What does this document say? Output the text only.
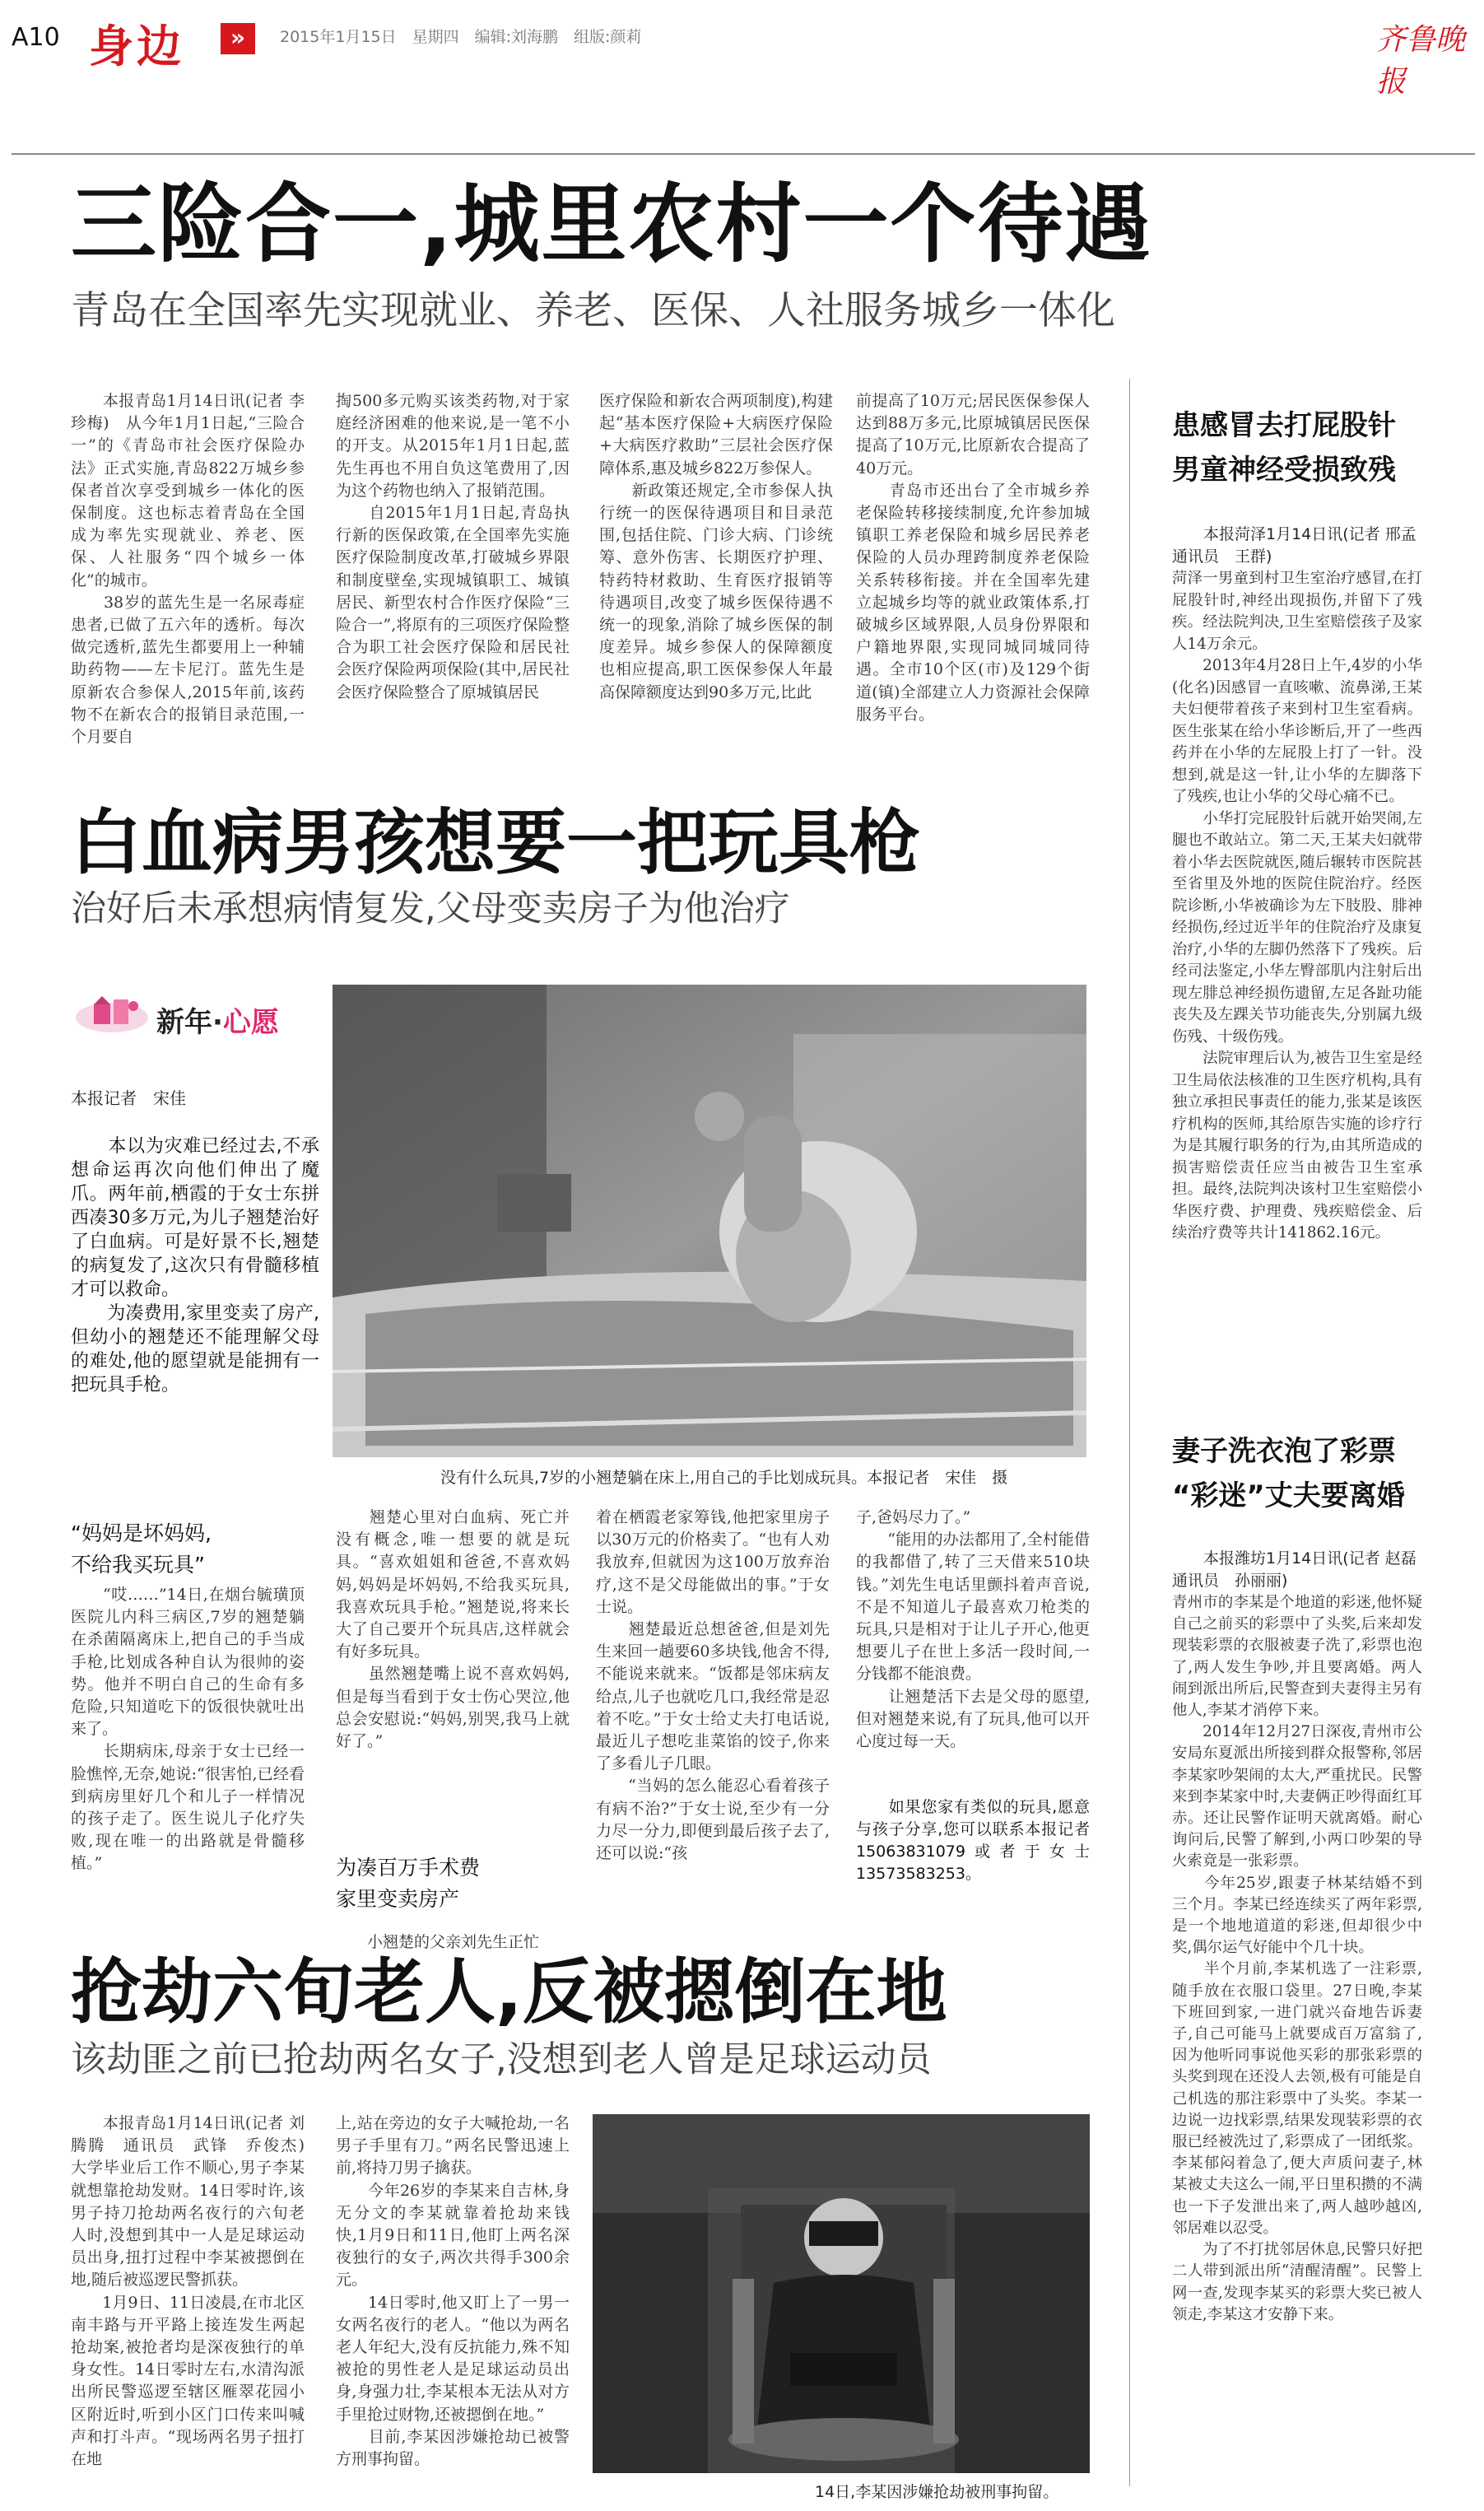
A10 身边	»	2015年1月15日　星期四　编辑:刘海鹏　组版:颜莉	齐鲁晚报
三险合一,城里农村一个待遇
青岛在全国率先实现就业、养老、医保、人社服务城乡一体化
　　本报青岛1月14日讯(记者 李珍梅)　从今年1月1日起,“三险合一”的《青岛市社会医疗保险办法》正式实施,青岛822万城乡参保者首次享受到城乡一体化的医保制度。这也标志着青岛在全国成为率先实现就业、养老、医保、人社服务“四个城乡一体化”的城市。
　　38岁的蓝先生是一名尿毒症患者,已做了五六年的透析。每次做完透析,蓝先生都要用上一种辅助药物——左卡尼汀。蓝先生是原新农合参保人,2015年前,该药物不在新农合的报销目录范围,一个月要自
掏500多元购买该类药物,对于家庭经济困难的他来说,是一笔不小的开支。从2015年1月1日起,蓝先生再也不用自负这笔费用了,因为这个药物也纳入了报销范围。
　　自2015年1月1日起,青岛执行新的医保政策,在全国率先实施医疗保险制度改革,打破城乡界限和制度壁垒,实现城镇职工、城镇居民、新型农村合作医疗保险“三险合一”,将原有的三项医疗保险整合为职工社会医疗保险和居民社会医疗保险两项保险(其中,居民社会医疗保险整合了原城镇居民
医疗保险和新农合两项制度),构建起“基本医疗保险+大病医疗保险+大病医疗救助”三层社会医疗保障体系,惠及城乡822万参保人。
　　新政策还规定,全市参保人执行统一的医保待遇项目和目录范围,包括住院、门诊大病、门诊统筹、意外伤害、长期医疗护理、特药特材救助、生育医疗报销等待遇项目,改变了城乡医保待遇不统一的现象,消除了城乡医保的制度差异。城乡参保人的保障额度也相应提高,职工医保参保人年最高保障额度达到90多万元,比此
前提高了10万元;居民医保参保人达到88万多元,比原城镇居民医保提高了10万元,比原新农合提高了40万元。
　　青岛市还出台了全市城乡养老保险转移接续制度,允许参加城镇职工养老保险和城乡居民养老保险的人员办理跨制度养老保险关系转移衔接。并在全国率先建立起城乡均等的就业政策体系,打破城乡区域界限,人员身份界限和户籍地界限,实现同城同城同待遇。全市10个区(市)及129个街道(镇)全部建立人力资源社会保障服务平台。
患感冒去打屁股针
男童神经受损致残
　　本报菏泽1月14日讯(记者 邢孟　通讯员　王群)
菏泽一男童到村卫生室治疗感冒,在打屁股针时,神经出现损伤,并留下了残疾。经法院判决,卫生室赔偿孩子及家人14万余元。
　　2013年4月28日上午,4岁的小华(化名)因感冒一直咳嗽、流鼻涕,王某夫妇便带着孩子来到村卫生室看病。医生张某在给小华诊断后,开了一些西药并在小华的左屁股上打了一针。没想到,就是这一针,让小华的左脚落下了残疾,也让小华的父母心痛不已。
　　小华打完屁股针后就开始哭闹,左腿也不敢站立。第二天,王某夫妇就带着小华去医院就医,随后辗转市医院甚至省里及外地的医院住院治疗。经医院诊断,小华被确诊为左下肢股、腓神经损伤,经过近半年的住院治疗及康复治疗,小华的左脚仍然落下了残疾。后经司法鉴定,小华左臀部肌内注射后出现左腓总神经损伤遗留,左足各趾功能丧失及左踝关节功能丧失,分别属九级伤残、十级伤残。
　　法院审理后认为,被告卫生室是经卫生局依法核准的卫生医疗机构,具有独立承担民事责任的能力,张某是该医疗机构的医师,其给原告实施的诊疗行为是其履行职务的行为,由其所造成的损害赔偿责任应当由被告卫生室承担。最终,法院判决该村卫生室赔偿小华医疗费、护理费、残疾赔偿金、后续治疗费等共计141862.16元。
白血病男孩想要一把玩具枪
治好后未承想病情复发,父母变卖房子为他治疗
新年·心愿
本报记者　宋佳
　　本以为灾难已经过去,不承想命运再次向他们伸出了魔爪。两年前,栖霞的于女士东拼西凑30多万元,为儿子翘楚治好了白血病。可是好景不长,翘楚的病复发了,这次只有骨髓移植才可以救命。
　　为凑费用,家里变卖了房产,但幼小的翘楚还不能理解父母的难处,他的愿望就是能拥有一把玩具手枪。
没有什么玩具,7岁的小翘楚躺在床上,用自己的手比划成玩具。本报记者　宋佳　摄
“妈妈是坏妈妈,
不给我买玩具”
　　“哎……”14日,在烟台毓璜顶医院儿内科三病区,7岁的翘楚躺在杀菌隔离床上,把自己的手当成手枪,比划成各种自认为很帅的姿势。他并不明白自己的生命有多危险,只知道吃下的饭很快就吐出来了。
　　长期病床,母亲于女士已经一脸憔悴,无奈,她说:“很害怕,已经看到病房里好几个和儿子一样情况的孩子走了。医生说儿子化疗失败,现在唯一的出路就是骨髓移植。”
　　翘楚心里对白血病、死亡并没有概念,唯一想要的就是玩具。“喜欢姐姐和爸爸,不喜欢妈妈,妈妈是坏妈妈,不给我买玩具,我喜欢玩具手枪。”翘楚说,将来长大了自己要开个玩具店,这样就会有好多玩具。
　　虽然翘楚嘴上说不喜欢妈妈,但是每当看到于女士伤心哭泣,他总会安慰说:“妈妈,别哭,我马上就好了。”
为凑百万手术费
家里变卖房产
　　小翘楚的父亲刘先生正忙
着在栖霞老家筹钱,他把家里房子以30万元的价格卖了。“也有人劝我放弃,但就因为这100万放弃治疗,这不是父母能做出的事。”于女士说。
　　翘楚最近总想爸爸,但是刘先生来回一趟要60多块钱,他舍不得,不能说来就来。“饭都是邻床病友给点,儿子也就吃几口,我经常是忍着不吃。”于女士给丈夫打电话说,最近儿子想吃韭菜馅的饺子,你来了多看儿子几眼。
　　“当妈的怎么能忍心看着孩子有病不治?”于女士说,至少有一分力尽一分力,即便到最后孩子去了,还可以说:“孩
子,爸妈尽力了。”
　　“能用的办法都用了,全村能借的我都借了,转了三天借来510块钱。”刘先生电话里颤抖着声音说,不是不知道儿子最喜欢刀枪类的玩具,只是相对于让儿子开心,他更想要儿子在世上多活一段时间,一分钱都不能浪费。
　　让翘楚活下去是父母的愿望,但对翘楚来说,有了玩具,他可以开心度过每一天。
　　如果您家有类似的玩具,愿意与孩子分享,您可以联系本报记者15063831079或者于女士13573583253。
妻子洗衣泡了彩票
“彩迷”丈夫要离婚
　　本报潍坊1月14日讯(记者 赵磊　通讯员　孙丽丽)
青州市的李某是个地道的彩迷,他怀疑自己之前买的彩票中了头奖,后来却发现装彩票的衣服被妻子洗了,彩票也泡了,两人发生争吵,并且要离婚。两人闹到派出所后,民警查到夫妻得主另有他人,李某才消停下来。
　　2014年12月27日深夜,青州市公安局东夏派出所接到群众报警称,邻居李某家吵架闹的太大,严重扰民。民警来到李某家中时,夫妻俩正吵得面红耳赤。还让民警作证明天就离婚。耐心询问后,民警了解到,小两口吵架的导火索竟是一张彩票。
　　今年25岁,跟妻子林某结婚不到三个月。李某已经连续买了两年彩票,是一个地地道道的彩迷,但却很少中奖,偶尔运气好能中个几十块。
　　半个月前,李某机选了一注彩票,随手放在衣服口袋里。27日晚,李某下班回到家,一进门就兴奋地告诉妻子,自己可能马上就要成百万富翁了,因为他听同事说他买彩的那张彩票的头奖到现在还没人去领,极有可能是自己机选的那注彩票中了头奖。李某一边说一边找彩票,结果发现装彩票的衣服已经被洗过了,彩票成了一团纸浆。李某郁闷着急了,便大声质问妻子,林某被丈夫这么一闹,平日里积攒的不满也一下子发泄出来了,两人越吵越凶,邻居难以忍受。
　　为了不打扰邻居休息,民警只好把二人带到派出所“清醒清醒”。民警上网一查,发现李某买的彩票大奖已被人领走,李某这才安静下来。
抢劫六旬老人,反被摁倒在地
该劫匪之前已抢劫两名女子,没想到老人曾是足球运动员
　　本报青岛1月14日讯(记者 刘腾腾　通讯员　武锋　乔俊杰)　大学毕业后工作不顺心,男子李某就想靠抢劫发财。14日零时许,该男子持刀抢劫两名夜行的六旬老人时,没想到其中一人是足球运动员出身,扭打过程中李某被摁倒在地,随后被巡逻民警抓获。
　　1月9日、11日凌晨,在市北区南丰路与开平路上接连发生两起抢劫案,被抢者均是深夜独行的单身女性。14日零时左右,水清沟派出所民警巡逻至辖区雁翠花园小区附近时,听到小区门口传来叫喊声和打斗声。“现场两名男子扭打在地
上,站在旁边的女子大喊抢劫,一名男子手里有刀。”两名民警迅速上前,将持刀男子擒获。
　　今年26岁的李某来自吉林,身无分文的李某就靠着抢劫来钱快,1月9日和11日,他盯上两名深夜独行的女子,两次共得手300余元。
　　14日零时,他又盯上了一男一女两名夜行的老人。“他以为两名老人年纪大,没有反抗能力,殊不知被抢的男性老人是足球运动员出身,身强力壮,李某根本无法从对方手里抢过财物,还被摁倒在地。”
　　目前,李某因涉嫌抢劫已被警方刑事拘留。
14日,李某因涉嫌抢劫被刑事拘留。
